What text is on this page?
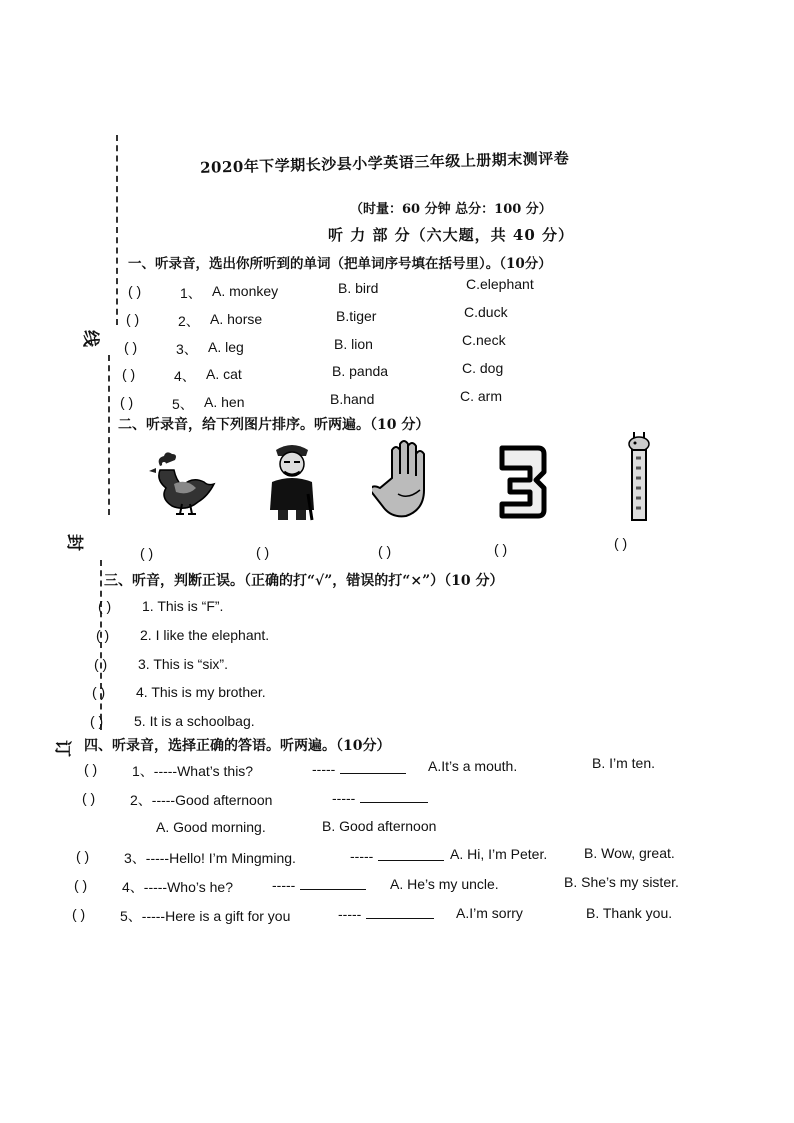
线
封
订
2020年下学期长沙县小学英语三年级上册期末测评卷
（时量：60 分钟 总分：100 分）
听 力 部 分（六大题，共 40 分）
一、听录音，选出你所听到的单词（把单词序号填在括号里）。（10分）
( )	1、 A. monkey	B. bird	C.elephant
( )	2、 A. horse	B.tiger	C.duck
( )	3、 A. leg	B. lion	C.neck
( )	4、 A. cat	B. panda	C. dog
( )	5、 A. hen	B.hand	C. arm
二、听录音，给下列图片排序。听两遍。（10 分）
( )	( )	( )	( )	( )
三、听音，判断正误。（正确的打“√”，错误的打“×”）（10 分）
( ) 1. This is “F”.
( ) 2. I like the elephant.
( ) 3. This is “six”.
( ) 4. This is my brother.
( ) 5. It is a schoolbag.
四、听录音，选择正确的答语。听两遍。（10分）
( ) 1、-----What’s this?	-----	A.It’s a mouth.	B. I’m ten.
( ) 2、-----Good afternoon	-----
A. Good morning.	B. Good afternoon
( ) 3、-----Hello! I’m Mingming.	-----	A. Hi, I’m Peter.	B. Wow, great.
( ) 4、-----Who’s he?	-----	A. He’s my uncle.	B. She’s my sister.
( ) 5、-----Here is a gift for you	-----	A.I’m sorry	B. Thank you.
